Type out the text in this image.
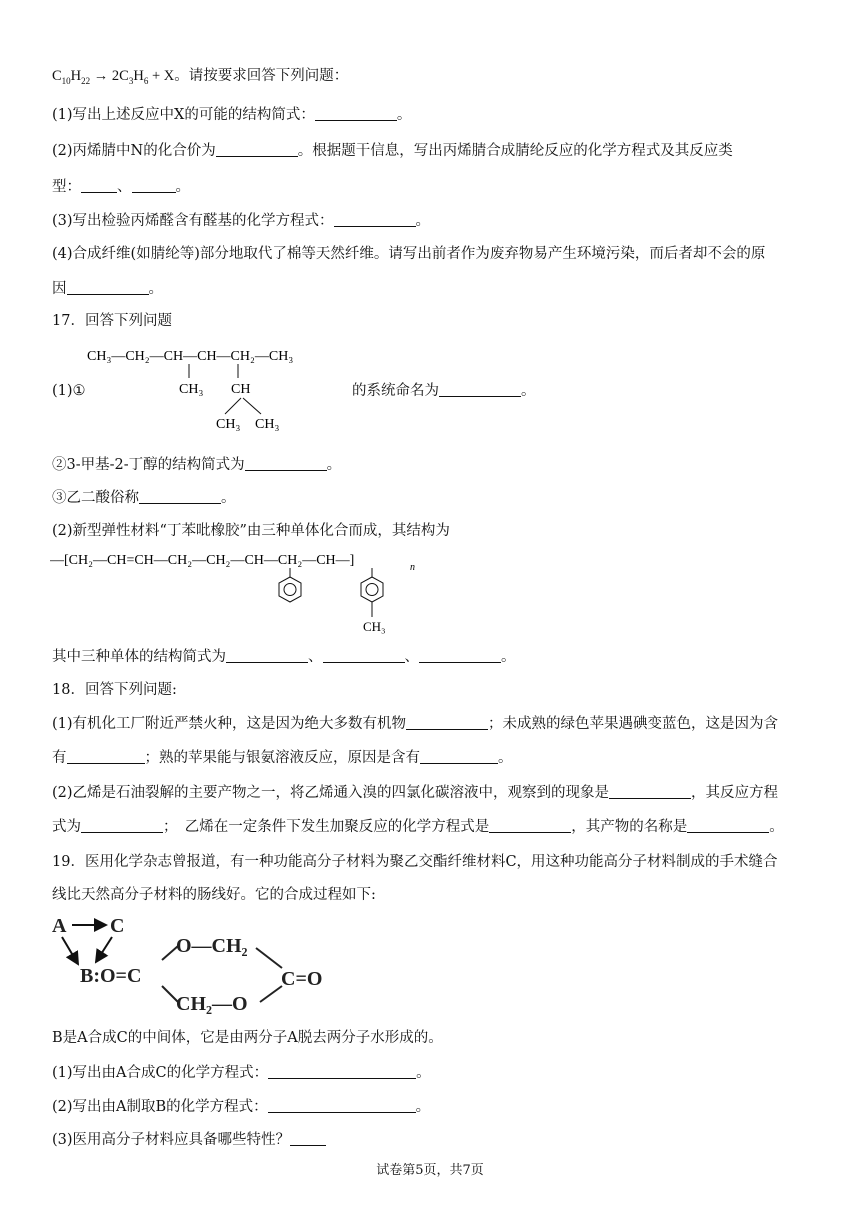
$C_{10}H_{22} \to 2C_3H_6 + X$。请按要求回答下列问题：
(1)写出上述反应中X的可能的结构简式：	。
(2)丙烯腈中N的化合价为	。根据题干信息，写出丙烯腈合成腈纶反应的化学方程式及其反应类
型： 、	。
(3)写出检验丙烯醛含有醛基的化学方程式：	。
(4)合成纤维(如腈纶等)部分地取代了棉等天然纤维。请写出前者作为废弃物易产生环境污染，而后者却不会的原
因	。
17．回答下列问题
CH₃—CH₂—CH—CH—CH₂—CH₃
CH₃ CH
CH₃ CH₃
(1)①	的系统命名为	。
②3-甲基-2-丁醇的结构简式为	。
③乙二酸俗称	。
(2)新型弹性材料“丁苯吡橡胶”由三种单体化合而成，其结构为
—[CH₂—CH=CH—CH₂—CH₂—CH—CH₂—CH—]	n
CH₃
其中三种单体的结构简式为	、	、	。
18．回答下列问题:
(1)有机化工厂附近严禁火种，这是因为绝大多数有机物	；未成熟的绿色苹果遇碘变蓝色，这是因为含
有	；熟的苹果能与银氨溶液反应，原因是含有	。
(2)乙烯是石油裂解的主要产物之一，将乙烯通入溴的四氯化碳溶液中，观察到的现象是	，其反应方程
式为	；　乙烯在一定条件下发生加聚反应的化学方程式是	，其产物的名称是	。
19．医用化学杂志曾报道，有一种功能高分子材料为聚乙交酯纤维材料C，用这种功能高分子材料制成的手术缝合
线比天然高分子材料的肠线好。它的合成过程如下:
A C
B:O=C
O—CH₂
C=O
CH₂—O
B是A合成C的中间体，它是由两分子A脱去两分子水形成的。
(1)写出由A合成C的化学方程式：	。
(2)写出由A制取B的化学方程式：	。
(3)医用高分子材料应具备哪些特性？
试卷第5页，共7页
